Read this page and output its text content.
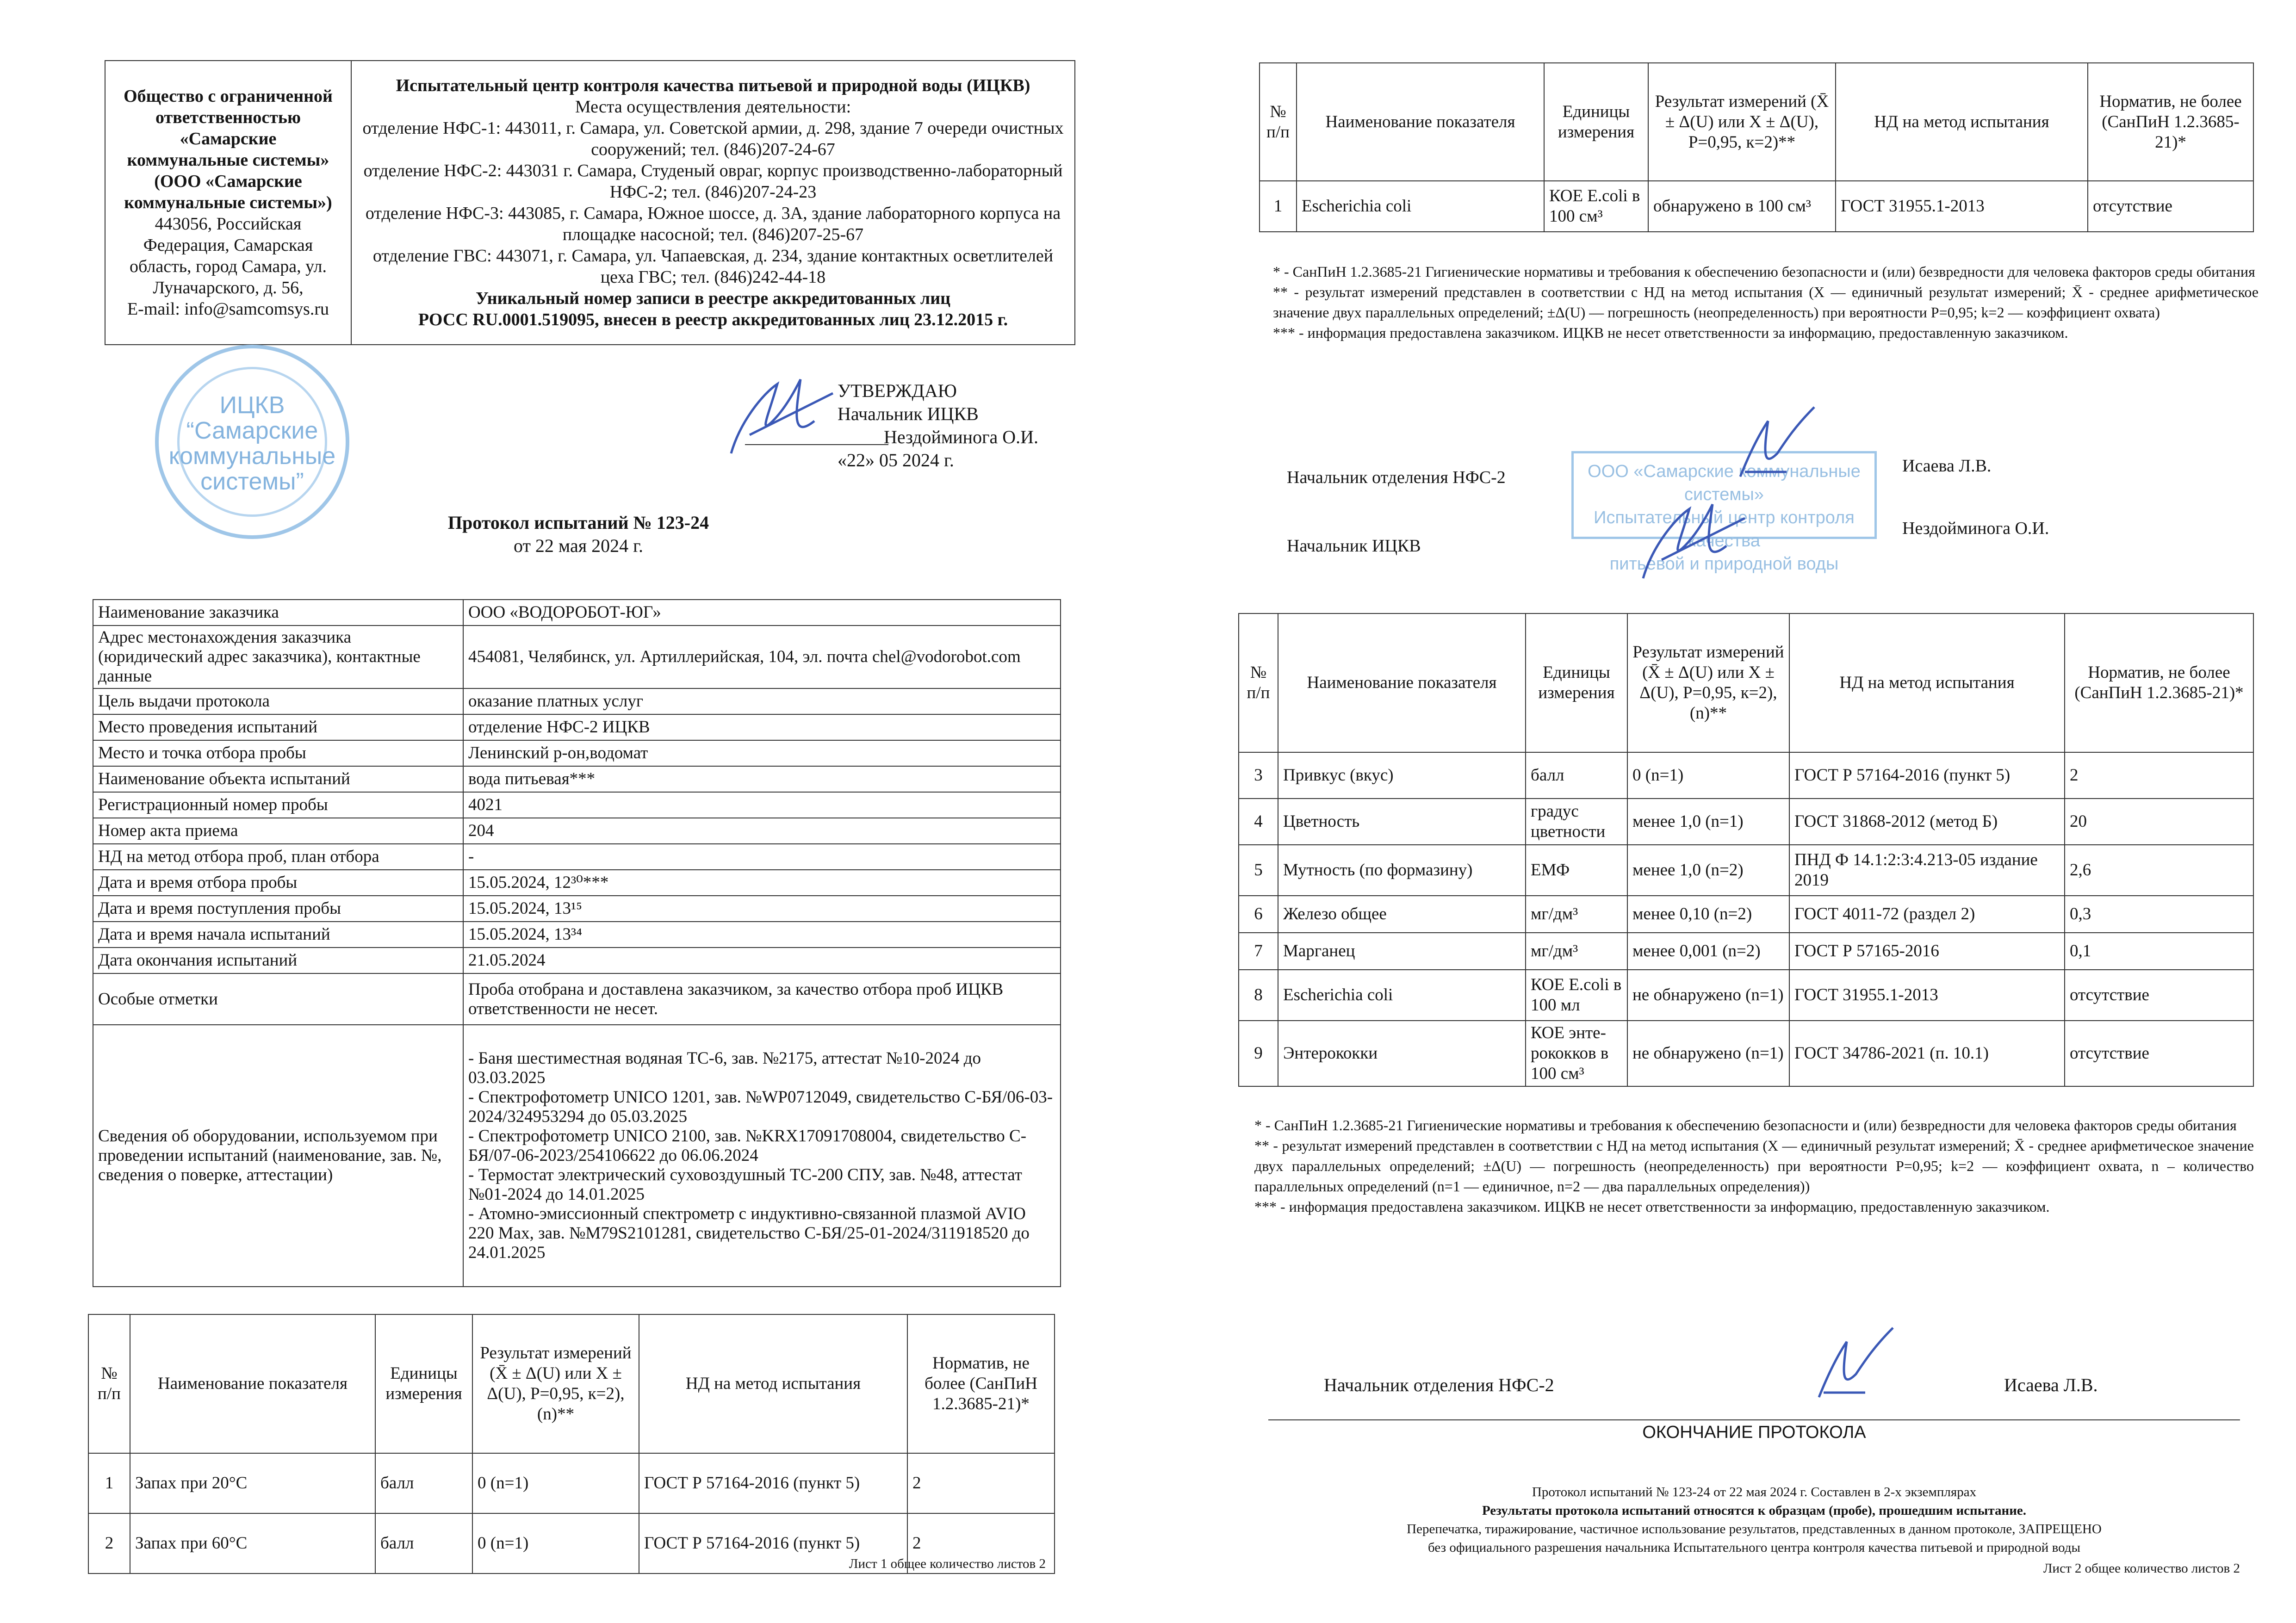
Общество с ограниченной
ответственностью
«Самарские
коммунальные системы»
(ООО «Самарские
коммунальные системы»)
443056, Российская
Федерация, Самарская
область, город Самара, ул.
Луначарского, д. 56,
E-mail: info@samcomsys.ru

Испытательный центр контроля качества питьевой и природной воды (ИЦКВ)
Места осуществления деятельности:
отделение НФС-1: 443011, г. Самара, ул. Советской армии, д. 298, здание 7 очереди очистных сооружений; тел. (846)207-24-67
отделение НФС-2: 443031 г. Самара, Студеный овраг, корпус производственно-лабораторный НФС-2; тел. (846)207-24-23
отделение НФС-3: 443085, г. Самара, Южное шоссе, д. 3А, здание лабораторного корпуса на площадке насосной; тел. (846)207-25-67
отделение ГВС: 443071, г. Самара, ул. Чапаевская, д. 234, здание контактных осветлителей цеха ГВС; тел. (846)242-44-18
Уникальный номер записи в реестре аккредитованных лиц
РОСС RU.0001.519095, внесен в реестр аккредитованных лиц 23.12.2015 г.
ИЦКВ
“Самарские
коммунальные
системы”
УТВЕРЖДАЮ
Начальник ИЦКВ
Нездойминога О.И.
«22» 05 2024 г.
Протокол испытаний № 123-24
от 22 мая 2024 г.
Наименование заказчика	ООО «ВОДОРОБОТ-ЮГ»
Адрес местонахождения заказчика (юридический адрес заказчика), контактные данные	454081, Челябинск, ул. Артиллерийская, 104, эл. почта chel@vodorobot.com
Цель выдачи протокола	оказание платных услуг
Место проведения испытаний	отделение НФС-2 ИЦКВ
Место и точка отбора пробы	Ленинский р-он,водомат
Наименование объекта испытаний	вода питьевая***
Регистрационный номер пробы	4021
Номер акта приема	204
НД на метод отбора проб, план отбора	-
Дата и время отбора пробы	15.05.2024, 12³⁰***
Дата и время поступления пробы	15.05.2024, 13¹⁵
Дата и время начала испытаний	15.05.2024, 13³⁴
Дата окончания испытаний	21.05.2024
Особые отметки	Проба отобрана и доставлена заказчиком, за качество отбора проб ИЦКВ ответственности не несет.
Сведения об оборудовании, используемом при проведении испытаний (наименование, зав. №, сведения о поверке, аттестации)	- Баня шестиместная водяная ТС-6, зав. №2175, аттестат №10-2024 до 03.03.2025
- Спектрофотометр UNICO 1201, зав. №WP0712049, свидетельство С-БЯ/06-03-2024/324953294 до 05.03.2025
- Спектрофотометр UNICO 2100, зав. №KRX17091708004, свидетельство С-БЯ/07-06-2023/254106622 до 06.06.2024
- Термостат электрический суховоздушный ТС-200 СПУ, зав. №48, аттестат №01-2024 до 14.01.2025
- Атомно-эмиссионный спектрометр с индуктивно-связанной плазмой AVIO 220 Max, зав. №M79S2101281, свидетельство С-БЯ/25-01-2024/311918520 до 24.01.2025
№ п/п	Наименование показателя	Единицы измерения	Результат измерений (X̄ ± Δ(U) или X ± Δ(U), P=0,95, к=2), (n)**	НД на метод испытания	Норматив, не более (СанПиН 1.2.3685-21)*
1	Запах при 20°C	балл	0 (n=1)	ГОСТ Р 57164-2016 (пункт 5)	2
2	Запах при 60°C	балл	0 (n=1)	ГОСТ Р 57164-2016 (пункт 5)	2
Лист 1 общее количество листов 2
№ п/п	Наименование показателя	Единицы измерения	Результат измерений (X̄ ± Δ(U) или X ± Δ(U), P=0,95, к=2)**	НД на метод испытания	Норматив, не более (СанПиН 1.2.3685-21)*
1	Escherichia coli	КОЕ E.coli в 100 см³	обнаружено в 100 см³	ГОСТ 31955.1-2013	отсутствие
* - СанПиН 1.2.3685-21 Гигиенические нормативы и требования к обеспечению безопасности и (или) безвредности для человека факторов среды обитания
** - результат измерений представлен в соответствии с НД на метод испытания (X — единичный результат измерений; X̄ - среднее арифметическое значение двух параллельных определений; ±Δ(U) — погрешность (неопределенность) при вероятности P=0,95; k=2 — коэффициент охвата)
*** - информация предоставлена заказчиком. ИЦКВ не несет ответственности за информацию, предоставленную заказчиком.
ООО «Самарские коммунальные системы»
Испытательный центр контроля качества
питьевой и природной воды
Начальник отделения НФС-2
Исаева Л.В.
Начальник ИЦКВ
Нездойминога О.И.
№ п/п	Наименование показателя	Единицы измерения	Результат измерений (X̄ ± Δ(U) или X ± Δ(U), P=0,95, к=2), (n)**	НД на метод испытания	Норматив, не более (СанПиН 1.2.3685-21)*
3	Привкус (вкус)	балл	0 (n=1)	ГОСТ Р 57164-2016 (пункт 5)	2
4	Цветность	градус цветности	менее 1,0 (n=1)	ГОСТ 31868-2012 (метод Б)	20
5	Мутность (по формазину)	ЕМФ	менее 1,0 (n=2)	ПНД Ф 14.1:2:3:4.213-05 издание 2019	2,6
6	Железо общее	мг/дм³	менее 0,10 (n=2)	ГОСТ 4011-72 (раздел 2)	0,3
7	Марганец	мг/дм³	менее 0,001 (n=2)	ГОСТ Р 57165-2016	0,1
8	Escherichia coli	КОЕ E.coli в 100 мл	не обнаружено (n=1)	ГОСТ 31955.1-2013	отсутствие
9	Энтерококки	КОЕ энте-рококков в 100 см³	не обнаружено (n=1)	ГОСТ 34786-2021 (п. 10.1)	отсутствие
* - СанПиН 1.2.3685-21 Гигиенические нормативы и требования к обеспечению безопасности и (или) безвредности для человека факторов среды обитания
** - результат измерений представлен в соответствии с НД на метод испытания (X — единичный результат измерений; X̄ - среднее арифметическое значение двух параллельных определений; ±Δ(U) — погрешность (неопределенность) при вероятности P=0,95; k=2 — коэффициент охвата, n – количество параллельных определений (n=1 — единичное, n=2 — два параллельных определения))
*** - информация предоставлена заказчиком. ИЦКВ не несет ответственности за информацию, предоставленную заказчиком.
Начальник отделения НФС-2	Исаева Л.В.
ОКОНЧАНИЕ ПРОТОКОЛА
Протокол испытаний № 123-24 от 22 мая 2024 г. Составлен в 2-х экземплярах
Результаты протокола испытаний относятся к образцам (пробе), прошедшим испытание.
Перепечатка, тиражирование, частичное использование результатов, представленных в данном протоколе, ЗАПРЕЩЕНО
без официального разрешения начальника Испытательного центра контроля качества питьевой и природной воды
Лист 2 общее количество листов 2
